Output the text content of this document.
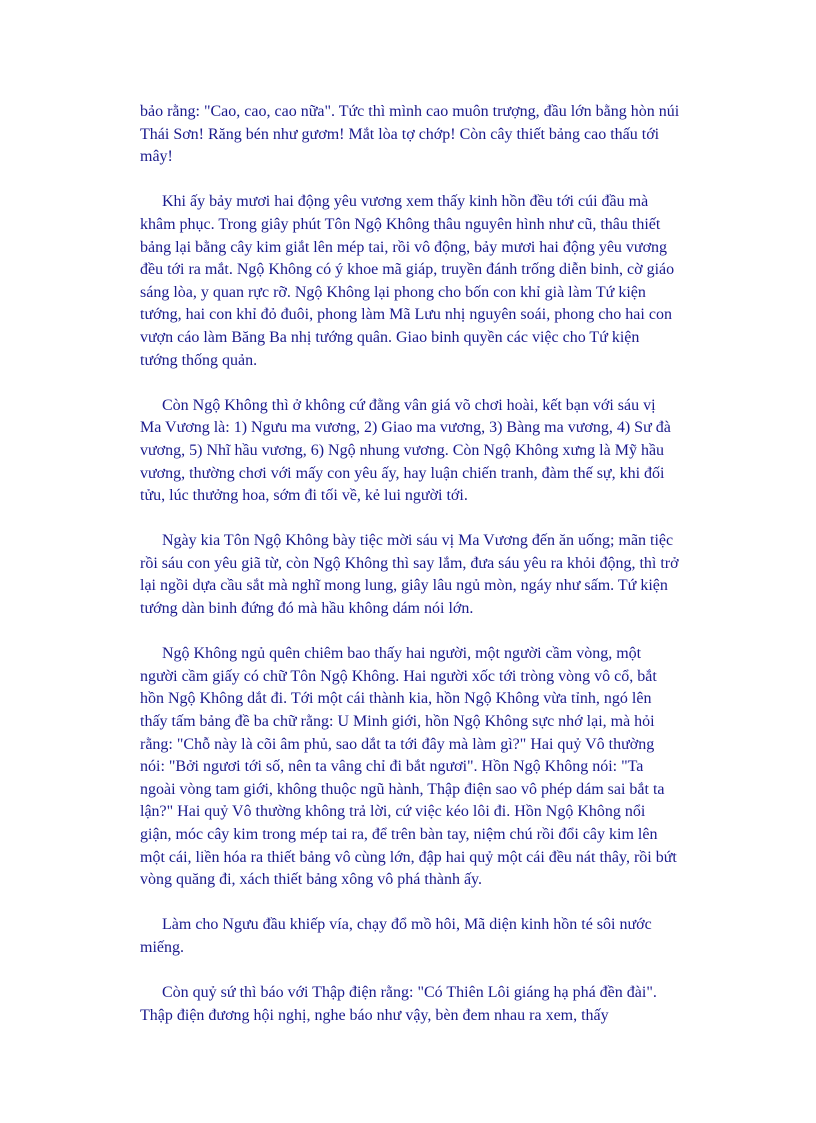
bảo rằng: "Cao, cao, cao nữa". Tức thì mình cao muôn trượng, đầu lớn bằng hòn núi Thái Sơn! Răng bén như gươm! Mắt lòa tợ chớp! Còn cây thiết bảng cao thấu tới mây!

Khi ấy bảy mươi hai động yêu vương xem thấy kinh hồn đều tới cúi đầu mà khâm phục. Trong giây phút Tôn Ngộ Không thâu nguyên hình như cũ, thâu thiết bảng lại bằng cây kim giắt lên mép tai, rồi vô động, bảy mươi hai động yêu vương đều tới ra mắt. Ngộ Không có ý khoe mã giáp, truyền đánh trống diễn binh, cờ giáo sáng lòa, y quan rực rỡ. Ngộ Không lại phong cho bốn con khỉ già làm Tứ kiện tướng, hai con khỉ đỏ đuôi, phong làm Mã Lưu nhị nguyên soái, phong cho hai con vượn cáo làm Băng Ba nhị tướng quân. Giao binh quyền các việc cho Tứ kiện tướng thống quản.

Còn Ngộ Không thì ở không cứ đằng vân giá võ chơi hoài, kết bạn với sáu vị Ma Vương là: 1) Ngưu ma vương, 2) Giao ma vương, 3) Bàng ma vương, 4) Sư đà vương, 5) Nhĩ hầu vương, 6) Ngộ nhung vương. Còn Ngộ Không xưng là Mỹ hầu vương, thường chơi với mấy con yêu ấy, hay luận chiến tranh, đàm thế sự, khi đối tửu, lúc thưởng hoa, sớm đi tối về, kẻ lui người tới.

Ngày kia Tôn Ngộ Không bày tiệc mời sáu vị Ma Vương đến ăn uống; mãn tiệc rồi sáu con yêu giã từ, còn Ngộ Không thì say lắm, đưa sáu yêu ra khỏi động, thì trở lại ngồi dựa cầu sắt mà nghĩ mong lung, giây lâu ngủ mòn, ngáy như sấm. Tứ kiện tướng dàn binh đứng đó mà hầu không dám nói lớn.

Ngộ Không ngủ quên chiêm bao thấy hai người, một người cầm vòng, một người cầm giấy có chữ Tôn Ngộ Không. Hai người xốc tới tròng vòng vô cổ, bắt hồn Ngộ Không dắt đi. Tới một cái thành kia, hồn Ngộ Không vừa tỉnh, ngó lên thấy tấm bảng đề ba chữ rằng: U Minh giới, hồn Ngộ Không sực nhớ lại, mà hỏi rằng: "Chỗ này là cõi âm phủ, sao dắt ta tới đây mà làm gì?" Hai quỷ Vô thường nói: "Bởi ngươi tới số, nên ta vâng chỉ đi bắt ngươi". Hồn Ngộ Không nói: "Ta ngoài vòng tam giới, không thuộc ngũ hành, Thập điện sao vô phép dám sai bắt ta lận?" Hai quỷ Vô thường không trả lời, cứ việc kéo lôi đi. Hồn Ngộ Không nổi giận, móc cây kim trong mép tai ra, để trên bàn tay, niệm chú rồi đổi cây kim lên một cái, liền hóa ra thiết bảng vô cùng lớn, đập hai quỷ một cái đều nát thây, rồi bứt vòng quăng đi, xách thiết bảng xông vô phá thành ấy.

Làm cho Ngưu đầu khiếp vía, chạy đổ mồ hôi, Mã diện kinh hồn té sôi nước miếng.

Còn quỷ sứ thì báo với Thập điện rằng: "Có Thiên Lôi giáng hạ phá đền đài". Thập điện đương hội nghị, nghe báo như vậy, bèn đem nhau ra xem, thấy
